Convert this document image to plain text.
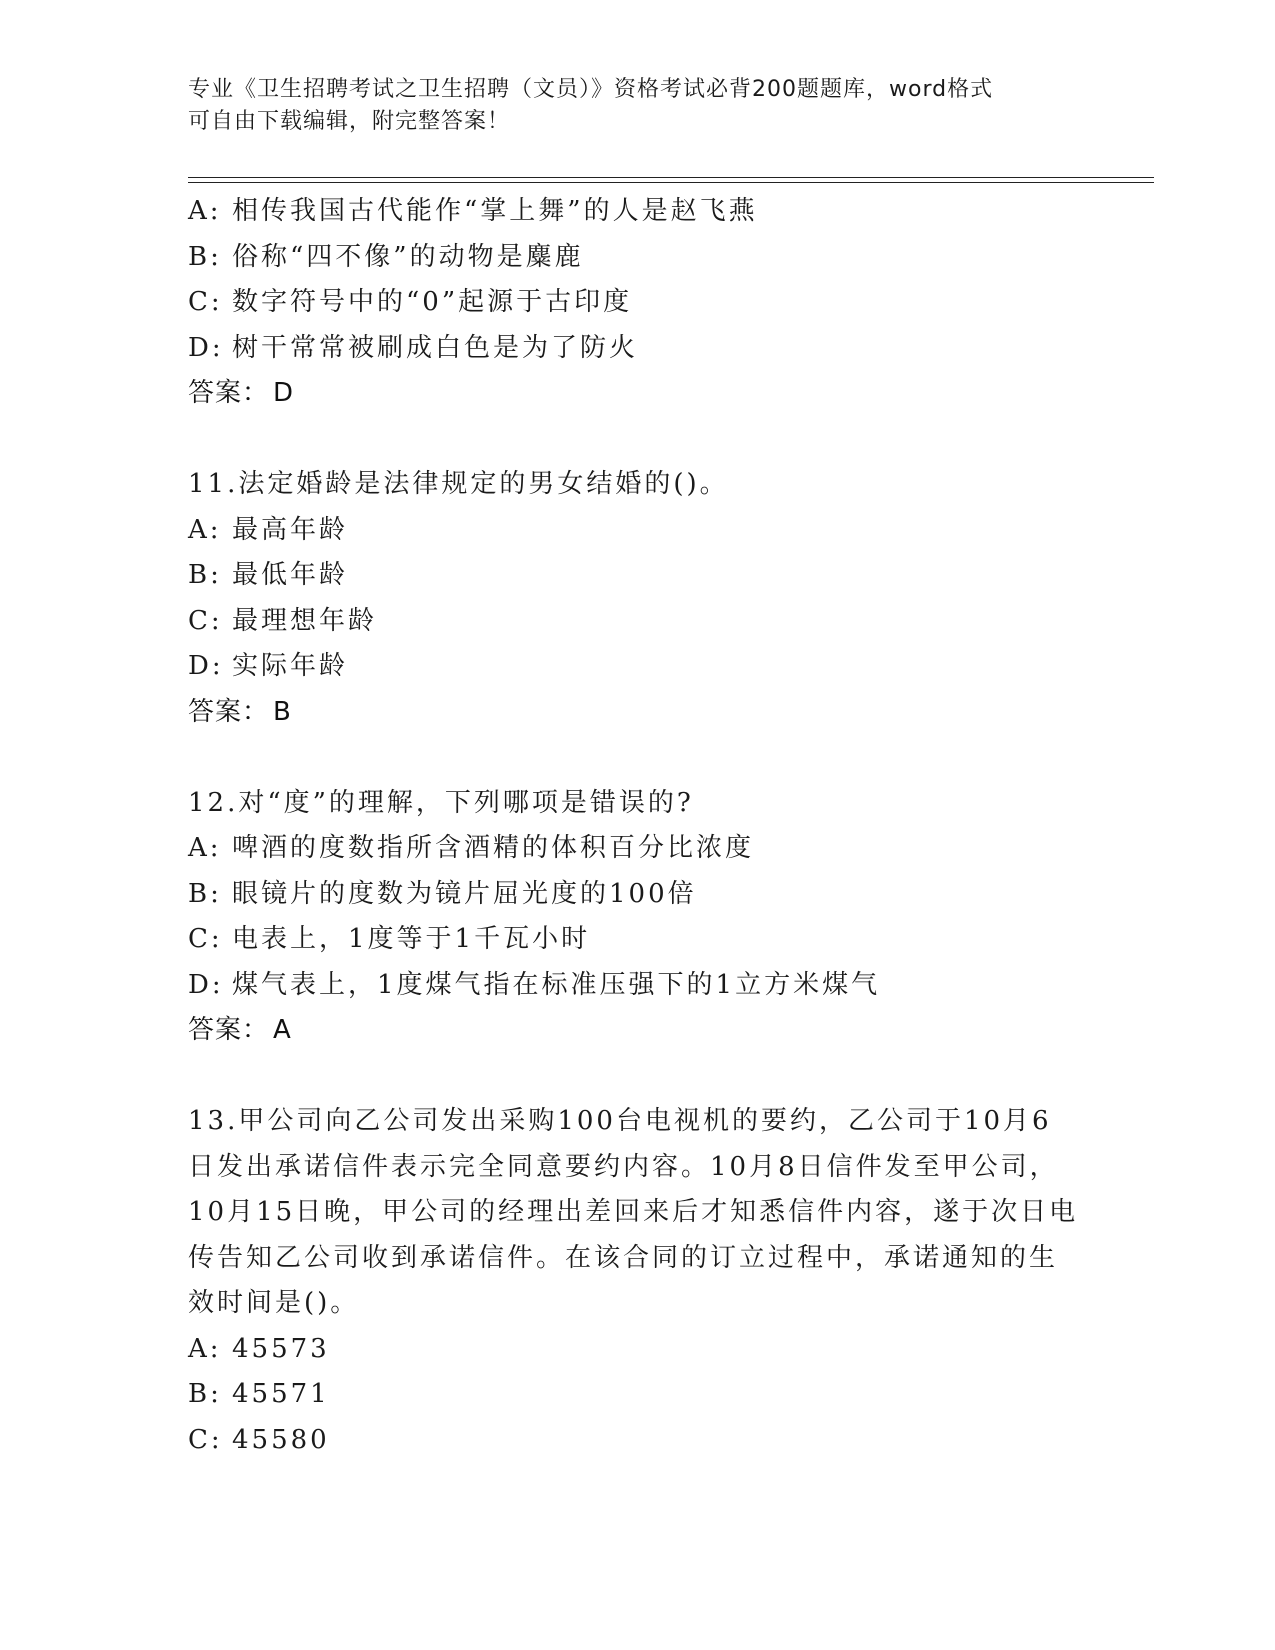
专业《卫生招聘考试之卫生招聘（文员）》资格考试必背200题题库，word格式
可自由下载编辑，附完整答案！
A: 相传我国古代能作“掌上舞”的人是赵飞燕
B: 俗称“四不像”的动物是麋鹿
C: 数字符号中的“0”起源于古印度
D: 树干常常被刷成白色是为了防火
答案： D
11.法定婚龄是法律规定的男女结婚的()。
A: 最高年龄
B: 最低年龄
C: 最理想年龄
D: 实际年龄
答案： B
12.对“度”的理解，下列哪项是错误的?
A: 啤酒的度数指所含酒精的体积百分比浓度
B: 眼镜片的度数为镜片屈光度的100倍
C: 电表上，1度等于1千瓦小时
D: 煤气表上，1度煤气指在标准压强下的1立方米煤气
答案： A
13.甲公司向乙公司发出采购100台电视机的要约，乙公司于10月6
日发出承诺信件表示完全同意要约内容。10月8日信件发至甲公司，
10月15日晚，甲公司的经理出差回来后才知悉信件内容，遂于次日电
传告知乙公司收到承诺信件。在该合同的订立过程中，承诺通知的生
效时间是()。
A: 45573
B: 45571
C: 45580
